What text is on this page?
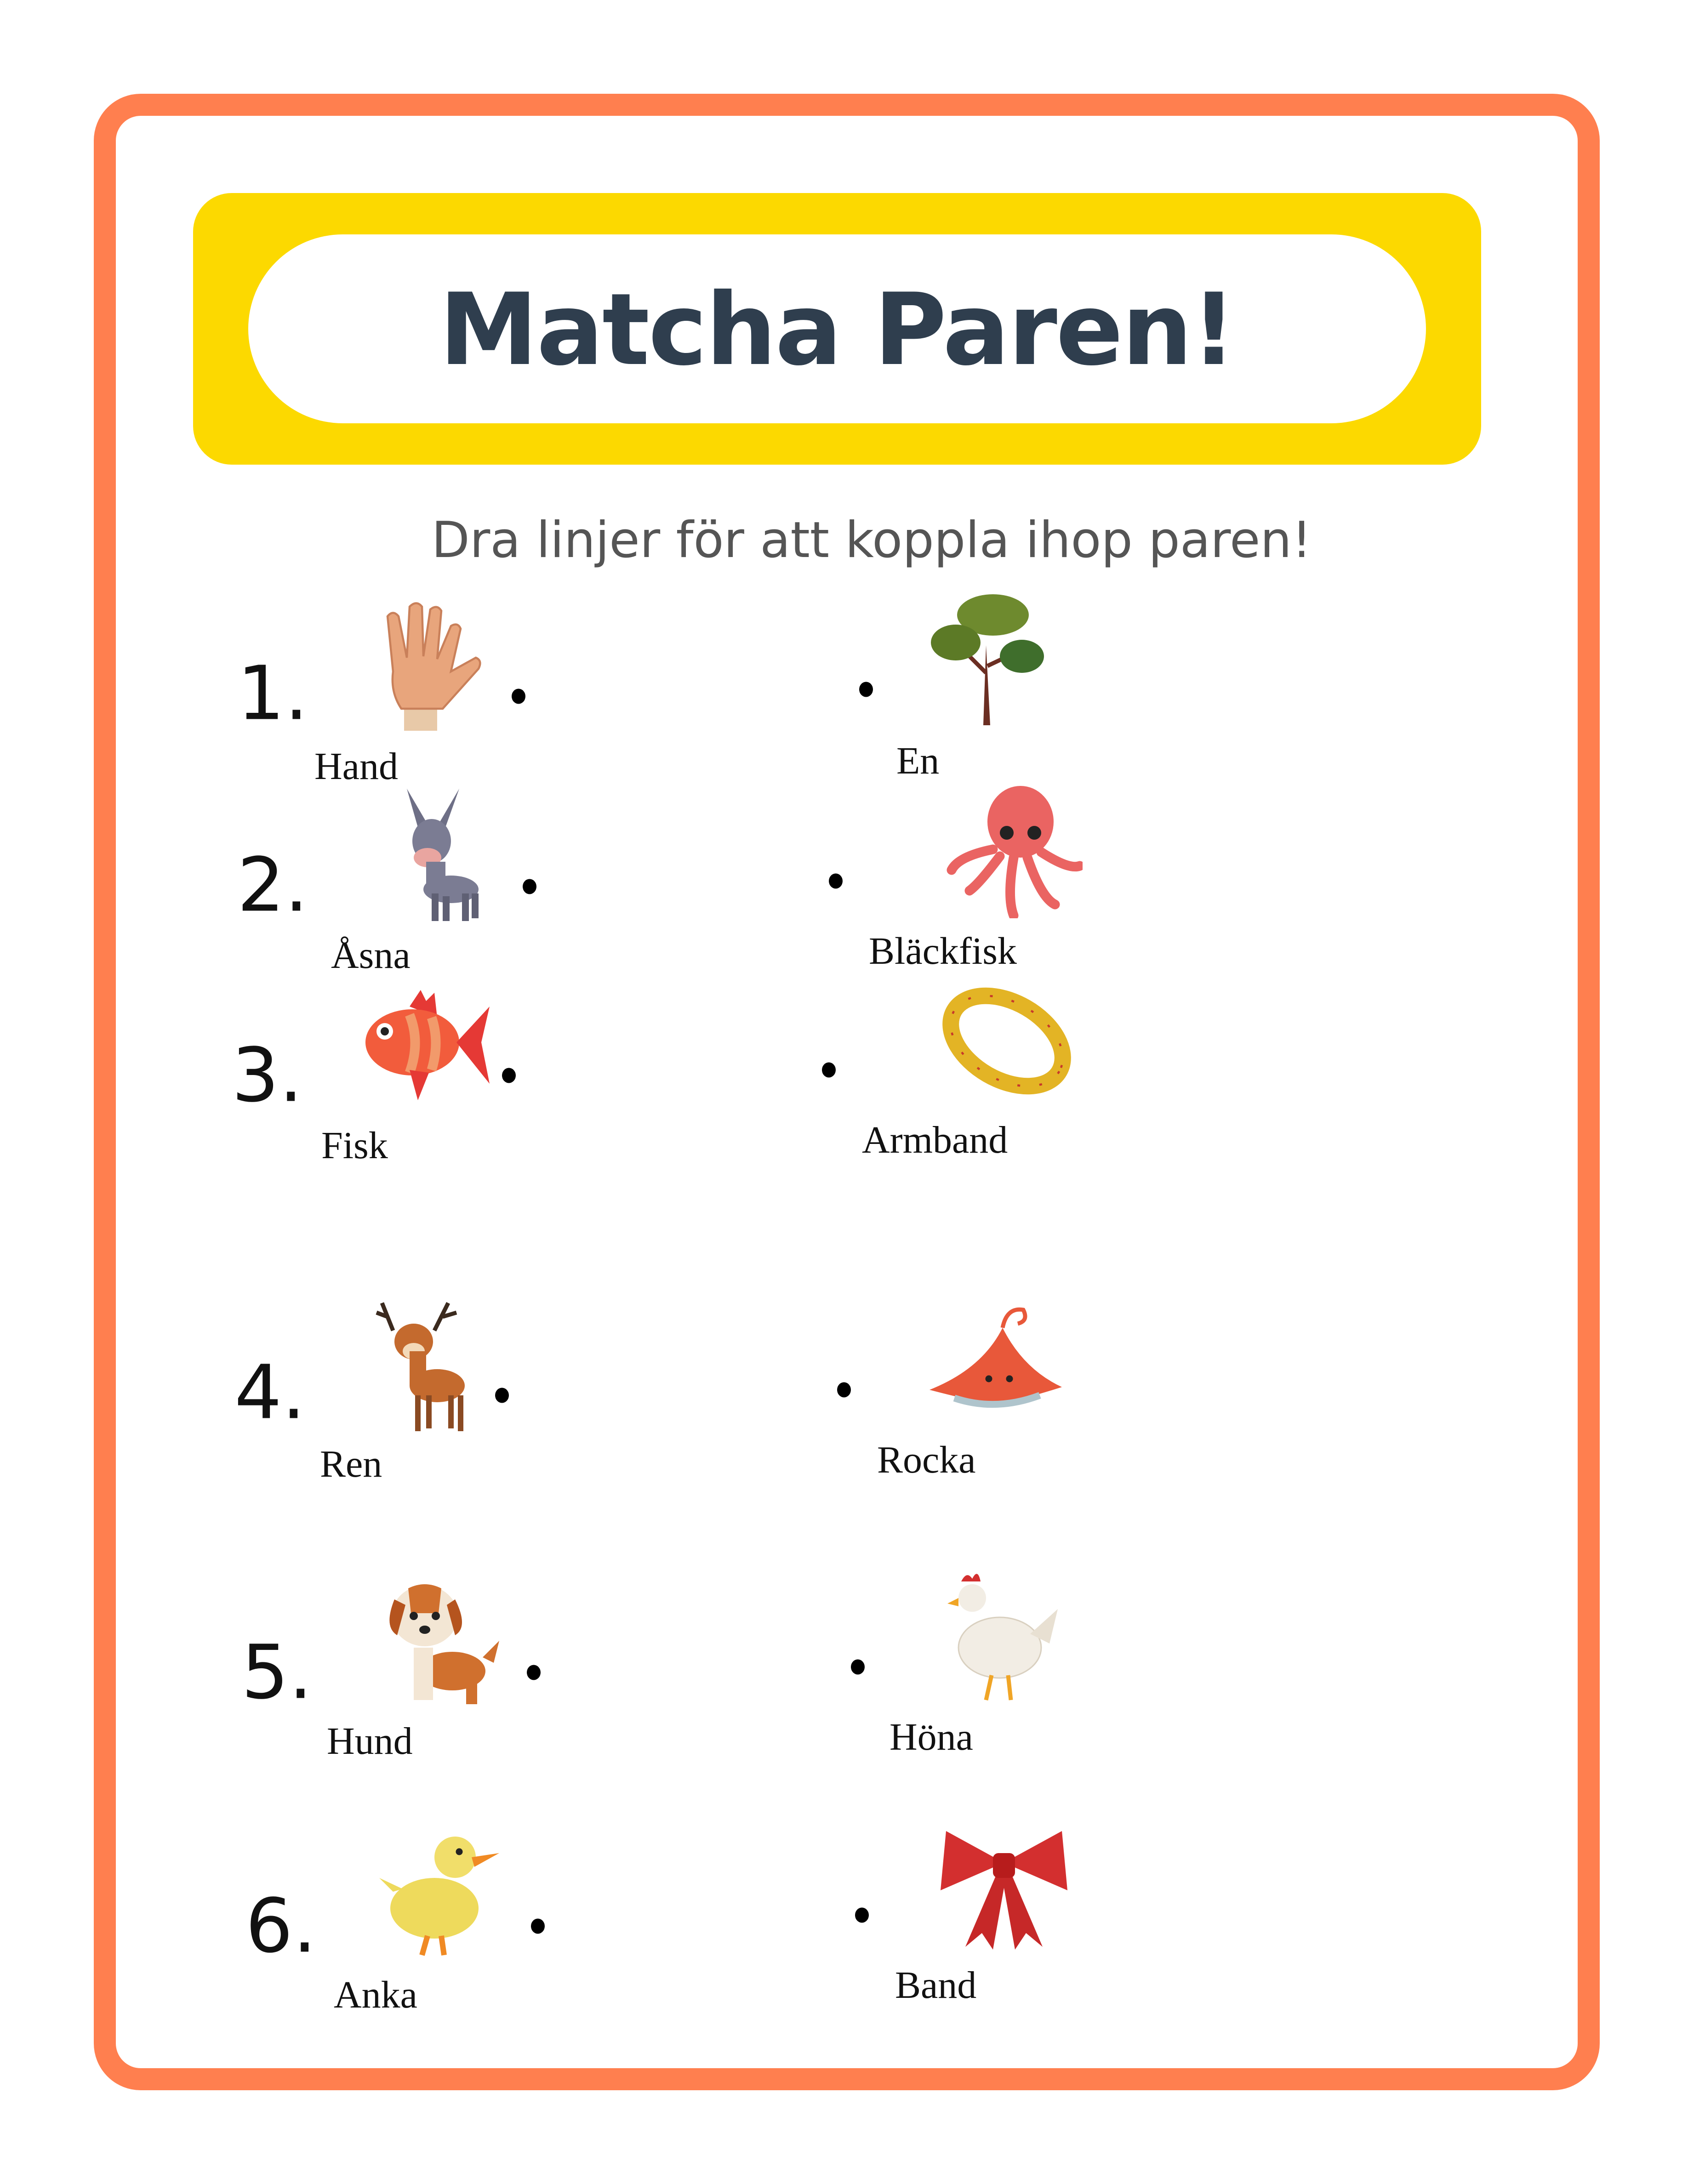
Matcha Paren!
Dra linjer för att koppla ihop paren!
1.
Hand
2.
Åsna
3.
Fisk
4.
Ren
5.
Hund
6.
Anka
En
Bläckfisk
Armband
Rocka
Höna
Band
